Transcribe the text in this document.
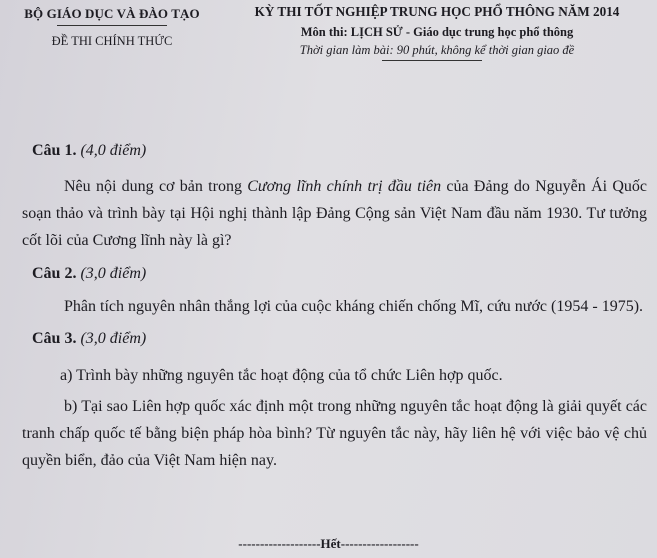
BỘ GIÁO DỤC VÀ ĐÀO TẠO
ĐỀ THI CHÍNH THỨC
KỲ THI TỐT NGHIỆP TRUNG HỌC PHỔ THÔNG NĂM 2014
Môn thi: LỊCH SỬ - Giáo dục trung học phổ thông
Thời gian làm bài: 90 phút, không kể thời gian giao đề
Câu 1. (4,0 điểm)

Nêu nội dung cơ bản trong Cương lĩnh chính trị đầu tiên của Đảng do Nguyễn Ái Quốc soạn thảo và trình bày tại Hội nghị thành lập Đảng Cộng sản Việt Nam đầu năm 1930. Tư tưởng cốt lõi của Cương lĩnh này là gì?

Câu 2. (3,0 điểm)

Phân tích nguyên nhân thắng lợi của cuộc kháng chiến chống Mĩ, cứu nước (1954 - 1975).

Câu 3. (3,0 điểm)

a) Trình bày những nguyên tắc hoạt động của tổ chức Liên hợp quốc.

b) Tại sao Liên hợp quốc xác định một trong những nguyên tắc hoạt động là giải quyết các tranh chấp quốc tế bằng biện pháp hòa bình? Từ nguyên tắc này, hãy liên hệ với việc bảo vệ chủ quyền biển, đảo của Việt Nam hiện nay.

-------------------Hết------------------
